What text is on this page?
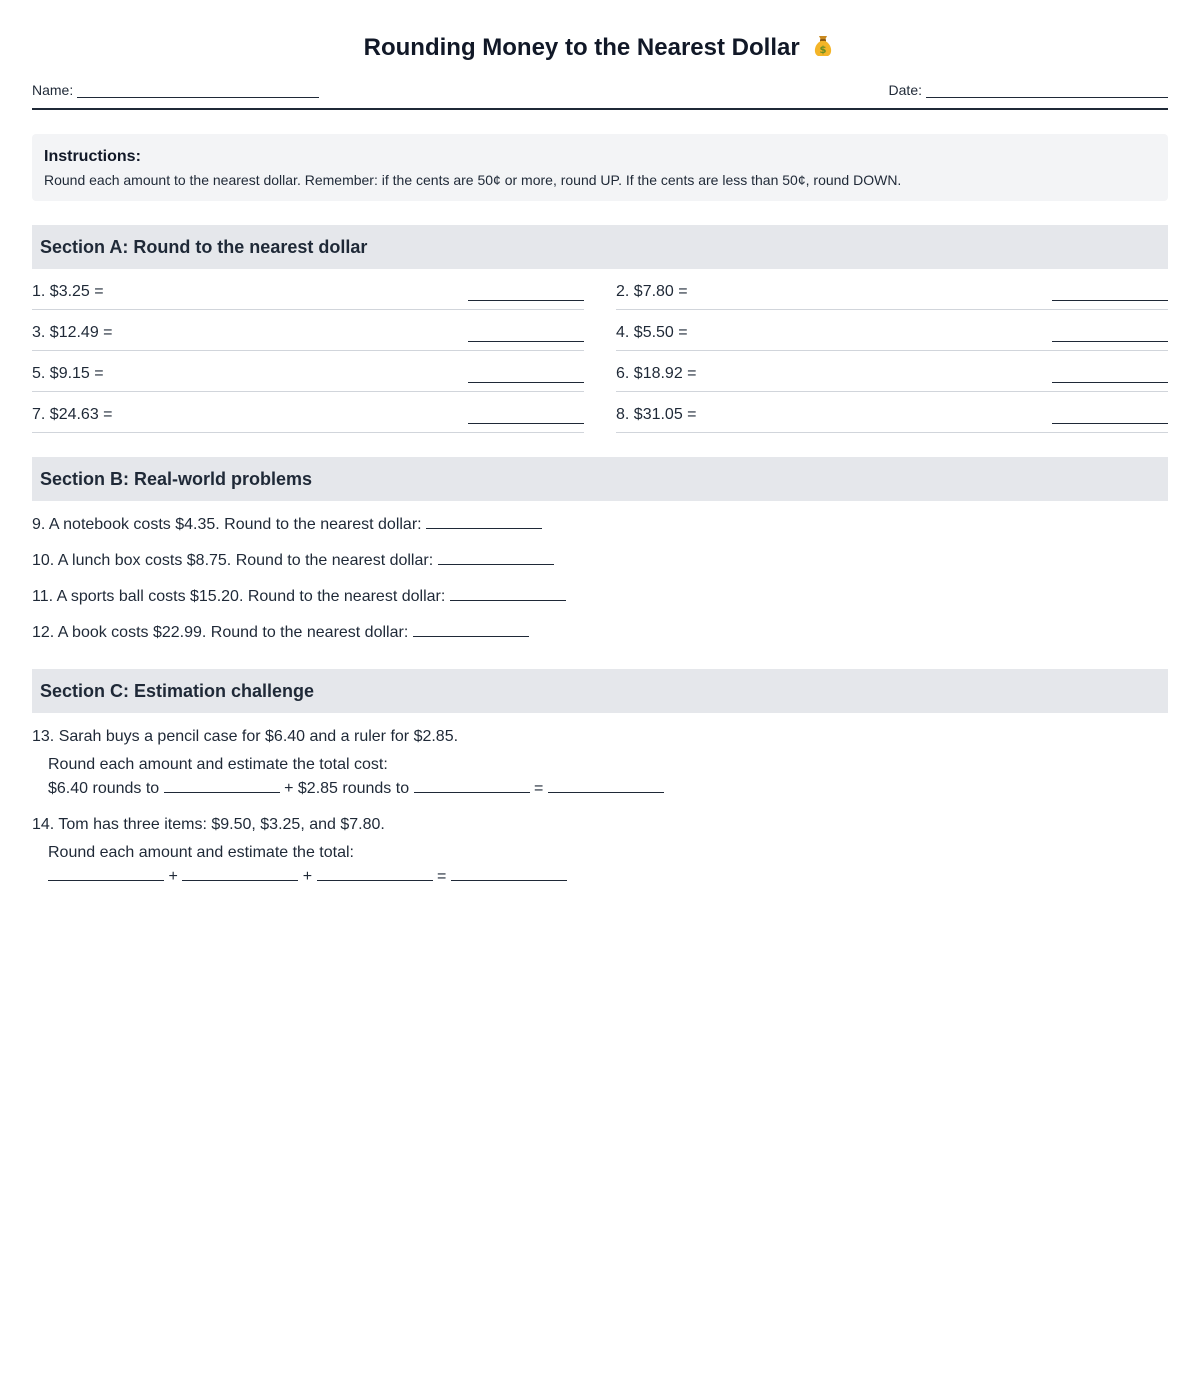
Rounding Money to the Nearest Dollar $
Name:	Date:
Instructions:

Round each amount to the nearest dollar. Remember: if the cents are 50¢ or more, round UP. If the cents are less than 50¢, round DOWN.

Section A: Round to the nearest dollar
1. $3.25 =	2. $7.80 =
3. $12.49 =	4. $5.50 =
5. $9.15 =	6. $18.92 =
7. $24.63 =	8. $31.05 =
Section B: Real-world problems
9. A notebook costs $4.35. Round to the nearest dollar:
10. A lunch box costs $8.75. Round to the nearest dollar:
11. A sports ball costs $15.20. Round to the nearest dollar:
12. A book costs $22.99. Round to the nearest dollar:
Section C: Estimation challenge
13. Sarah buys a pencil case for $6.40 and a ruler for $2.85.
Round each amount and estimate the total cost:
$6.40 rounds to	+ $2.85 rounds to	=
14. Tom has three items: $9.50, $3.25, and $7.80.
Round each amount and estimate the total:
+	+	=
